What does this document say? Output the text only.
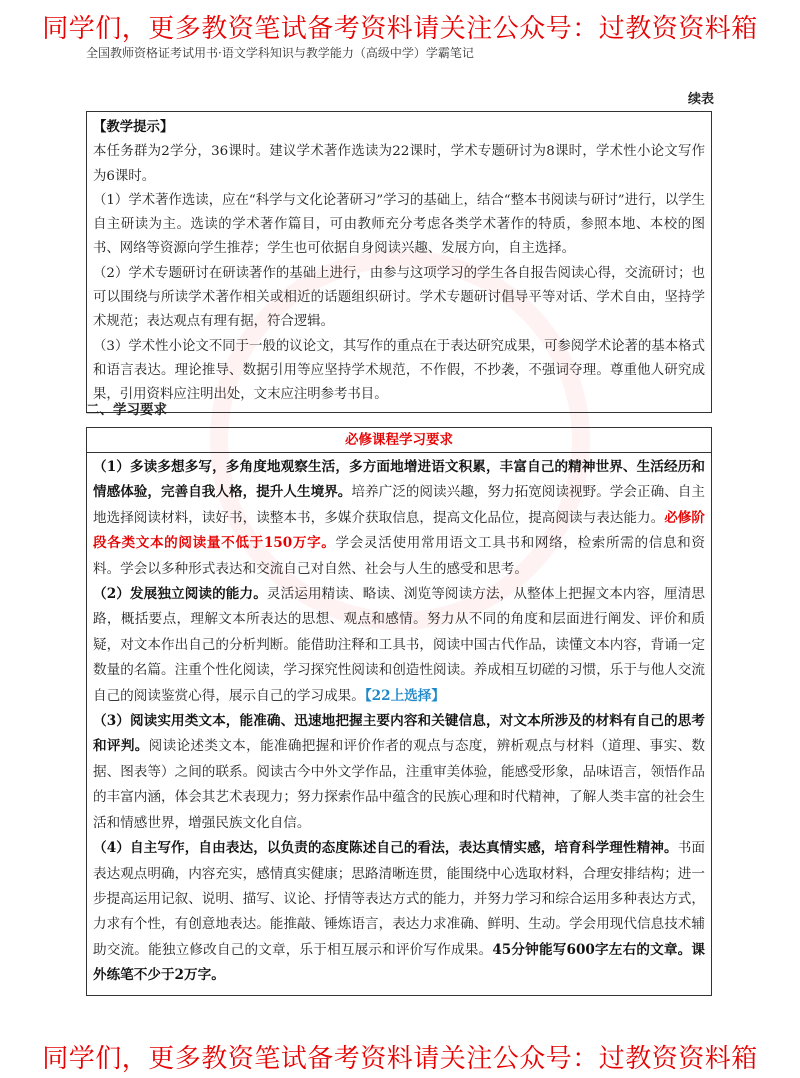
同学们，更多教资笔试备考资料请关注公众号：过教资资料箱
全国教师资格证考试用书·语文学科知识与教学能力（高级中学）学霸笔记
续表

【教学提示】
本任务群为2学分，36课时。建议学术著作选读为22课时，学术专题研讨为8课时，学术性小论文写作为6课时。

（1）学术著作选读，应在“科学与文化论著研习”学习的基础上，结合“整本书阅读与研讨”进行，以学生自主研读为主。选读的学术著作篇目，可由教师充分考虑各类学术著作的特质，参照本地、本校的图书、网络等资源向学生推荐；学生也可依据自身阅读兴趣、发展方向，自主选择。

（2）学术专题研讨在研读著作的基础上进行，由参与这项学习的学生各自报告阅读心得，交流研讨；也可以围绕与所读学术著作相关或相近的话题组织研讨。学术专题研讨倡导平等对话、学术自由，坚持学术规范；表达观点有理有据，符合逻辑。

（3）学术性小论文不同于一般的议论文，其写作的重点在于表达研究成果，可参阅学术论著的基本格式和语言表达。理论推导、数据引用等应坚持学术规范，不作假，不抄袭，不强词夺理。尊重他人研究成果，引用资料应注明出处，文末应注明参考书目。

二、学习要求
必修课程学习要求

（1）多读多想多写，多角度地观察生活，多方面地增进语文积累，丰富自己的精神世界、生活经历和情感体验，完善自我人格，提升人生境界。培养广泛的阅读兴趣，努力拓宽阅读视野。学会正确、自主地选择阅读材料，读好书，读整本书，多媒介获取信息，提高文化品位，提高阅读与表达能力。必修阶段各类文本的阅读量不低于150万字。学会灵活使用常用语文工具书和网络，检索所需的信息和资料。学会以多种形式表达和交流自己对自然、社会与人生的感受和思考。

（2）发展独立阅读的能力。灵活运用精读、略读、浏览等阅读方法，从整体上把握文本内容，厘清思路，概括要点，理解文本所表达的思想、观点和感情。努力从不同的角度和层面进行阐发、评价和质疑，对文本作出自己的分析判断。能借助注释和工具书，阅读中国古代作品，读懂文本内容，背诵一定数量的名篇。注重个性化阅读，学习探究性阅读和创造性阅读。养成相互切磋的习惯，乐于与他人交流自己的阅读鉴赏心得，展示自己的学习成果。【22上选择】

（3）阅读实用类文本，能准确、迅速地把握主要内容和关键信息，对文本所涉及的材料有自己的思考和评判。阅读论述类文本，能准确把握和评价作者的观点与态度，辨析观点与材料（道理、事实、数据、图表等）之间的联系。阅读古今中外文学作品，注重审美体验，能感受形象，品味语言，领悟作品的丰富内涵，体会其艺术表现力；努力探索作品中蕴含的民族心理和时代精神，了解人类丰富的社会生活和情感世界，增强民族文化自信。

（4）自主写作，自由表达，以负责的态度陈述自己的看法，表达真情实感，培育科学理性精神。书面表达观点明确，内容充实，感情真实健康；思路清晰连贯，能围绕中心选取材料，合理安排结构；进一步提高运用记叙、说明、描写、议论、抒情等表达方式的能力，并努力学习和综合运用多种表达方式，力求有个性，有创意地表达。能推敲、锤炼语言，表达力求准确、鲜明、生动。学会用现代信息技术辅助交流。能独立修改自己的文章，乐于相互展示和评价写作成果。45分钟能写600字左右的文章。课外练笔不少于2万字。

同学们，更多教资笔试备考资料请关注公众号：过教资资料箱
